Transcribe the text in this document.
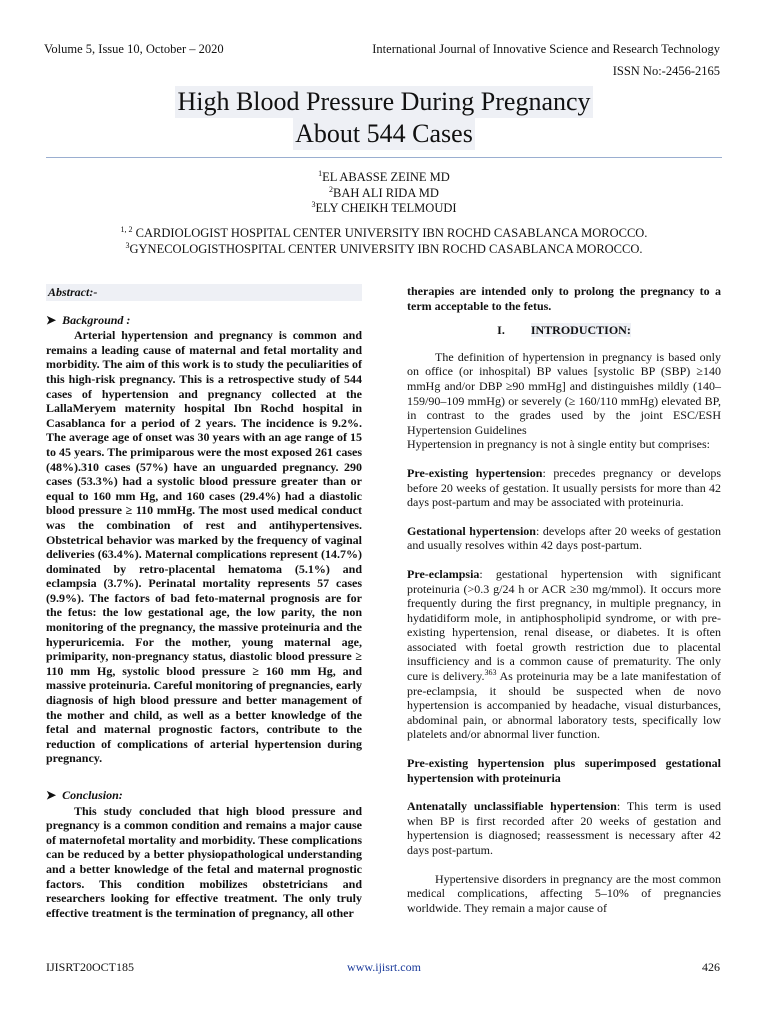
Volume 5, Issue 10, October – 2020	International Journal of Innovative Science and Research Technology
ISSN No:-2456-2165
High Blood Pressure During Pregnancy
About 544 Cases
$^1$EL ABASSE ZEINE MD
$^2$BAH ALI RIDA MD
$^3$ELY CHEIKH TELMOUDI
$^{1, 2}$ CARDIOLOGIST HOSPITAL CENTER UNIVERSITY IBN ROCHD CASABLANCA MOROCCO.
$^3$GYNECOLOGISTHOSPITAL CENTER UNIVERSITY IBN ROCHD CASABLANCA MOROCCO.
Abstract:-
➤ Background :

Arterial hypertension and pregnancy is common and remains a leading cause of maternal and fetal mortality and morbidity. The aim of this work is to study the peculiarities of this high-risk pregnancy. This is a retrospective study of 544 cases of hypertension and pregnancy collected at the LallaMeryem maternity hospital Ibn Rochd hospital in Casablanca for a period of 2 years. The incidence is 9.2%. The average age of onset was 30 years with an age range of 15 to 45 years. The primiparous were the most exposed 261 cases (48%).310 cases (57%) have an unguarded pregnancy. 290 cases (53.3%) had a systolic blood pressure greater than or equal to 160 mm Hg, and 160 cases (29.4%) had a diastolic blood pressure ≥ 110 mmHg. The most used medical conduct was the combination of rest and antihypertensives. Obstetrical behavior was marked by the frequency of vaginal deliveries (63.4%). Maternal complications represent (14.7%) dominated by retro-placental hematoma (5.1%) and eclampsia (3.7%). Perinatal mortality represents 57 cases (9.9%). The factors of bad feto-maternal prognosis are for the fetus: the low gestational age, the low parity, the non monitoring of the pregnancy, the massive proteinuria and the hyperuricemia. For the mother, young maternal age, primiparity, non-pregnancy status, diastolic blood pressure ≥ 110 mm Hg, systolic blood pressure ≥ 160 mm Hg, and massive proteinuria. Careful monitoring of pregnancies, early diagnosis of high blood pressure and better management of the mother and child, as well as a better knowledge of the fetal and maternal prognostic factors, contribute to the reduction of complications of arterial hypertension during pregnancy.

➤ Conclusion:

This study concluded that high blood pressure and pregnancy is a common condition and remains a major cause of maternofetal mortality and morbidity. These complications can be reduced by a better physiopathological understanding and a better knowledge of the fetal and maternal prognostic factors. This condition mobilizes obstetricians and researchers looking for effective treatment. The only truly effective treatment is the termination of pregnancy, all other

therapies are intended only to prolong the pregnancy to a term acceptable to the fetus.

I. INTRODUCTION:

The definition of hypertension in pregnancy is based only on office (or inhospital) BP values [systolic BP (SBP) ≥140 mmHg and/or DBP ≥90 mmHg] and distinguishes mildly (140–159/90–109 mmHg) or severely (≥ 160/110 mmHg) elevated BP, in contrast to the grades used by the joint ESC/ESH Hypertension Guidelines

Hypertension in pregnancy is not à single entity but comprises:

Pre-existing hypertension: precedes pregnancy or develops before 20 weeks of gestation. It usually persists for more than 42 days post-partum and may be associated with proteinuria.

Gestational hypertension: develops after 20 weeks of gestation and usually resolves within 42 days post-partum.

Pre-eclampsia: gestational hypertension with significant proteinuria (>0.3 g/24 h or ACR ≥30 mg/mmol). It occurs more frequently during the first pregnancy, in multiple pregnancy, in hydatidiform mole, in antiphospholipid syndrome, or with pre-existing hypertension, renal disease, or diabetes. It is often associated with foetal growth restriction due to placental insufficiency and is a common cause of prematurity. The only cure is delivery.$^{363}$ As proteinuria may be a late manifestation of pre-eclampsia, it should be suspected when de novo hypertension is accompanied by headache, visual disturbances, abdominal pain, or abnormal laboratory tests, specifically low platelets and/or abnormal liver function.

Pre-existing hypertension plus superimposed gestational hypertension with proteinuria

Antenatally unclassifiable hypertension: This term is used when BP is first recorded after 20 weeks of gestation and hypertension is diagnosed; reassessment is necessary after 42 days post-partum.

Hypertensive disorders in pregnancy are the most common medical complications, affecting 5–10% of pregnancies worldwide. They remain a major cause of

IJISRT20OCT185	www.ijisrt.com	426
